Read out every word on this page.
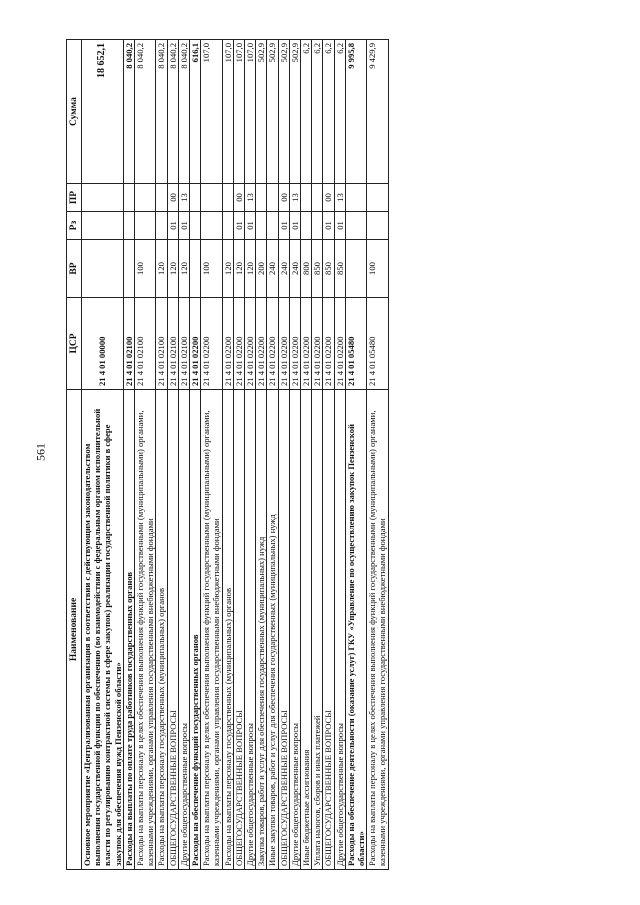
561
Наименование	ЦСР	ВР	Рз	ПР	Сумма
Основное мероприятие «Централизованная организация в соответствии с действующим законодательством выполнения государственной функции по обеспечению (во взаимодействии с федеральным органом исполнительной власти по регулированию контрактной системы в сфере закупок) реализации государственной политики в сфере закупок для обеспечения нужд Пензенской области»	21 4 01 00000				18 652,1
Расходы на выплаты по оплате труда работников государственных органов	21 4 01 02100				8 040,2
Расходы на выплаты персоналу в целях обеспечения выполнения функций государственными (муниципальными) органами, казенными учреждениями, органами управления государственными внебюджетными фондами	21 4 01 02100	100			8 040,2
Расходы на выплаты персоналу государственных (муниципальных) органов	21 4 01 02100	120			8 040,2
ОБЩЕГОСУДАРСТВЕННЫЕ ВОПРОСЫ	21 4 01 02100	120	01	00	8 040,2
Другие общегосударственные вопросы	21 4 01 02100	120	01	13	8 040,2
Расходы на обеспечение функций государственных органов	21 4 01 02200				616,1
Расходы на выплаты персоналу в целях обеспечения выполнения функций государственными (муниципальными) органами, казенными учреждениями, органами управления государственными внебюджетными фондами	21 4 01 02200	100			107,0
Расходы на выплаты персоналу государственных (муниципальных) органов	21 4 01 02200	120			107,0
ОБЩЕГОСУДАРСТВЕННЫЕ ВОПРОСЫ	21 4 01 02200	120	01	00	107,0
Другие общегосударственные вопросы	21 4 01 02200	120	01	13	107,0
Закупка товаров, работ и услуг для обеспечения государственных (муниципальных) нужд	21 4 01 02200	200			502,9
Иные закупки товаров, работ и услуг для обеспечения государственных (муниципальных) нужд	21 4 01 02200	240			502,9
ОБЩЕГОСУДАРСТВЕННЫЕ ВОПРОСЫ	21 4 01 02200	240	01	00	502,9
Другие общегосударственные вопросы	21 4 01 02200	240	01	13	502,9
Иные бюджетные ассигнования	21 4 01 02200	800			6,2
Уплата налогов, сборов и иных платежей	21 4 01 02200	850			6,2
ОБЩЕГОСУДАРСТВЕННЫЕ ВОПРОСЫ	21 4 01 02200	850	01	00	6,2
Другие общегосударственные вопросы	21 4 01 02200	850	01	13	6,2
Расходы на обеспечение деятельности (оказание услуг) ГКУ «Управление по осуществлению закупок Пензенской области»	21 4 01 05480				9 995,8
Расходы на выплаты персоналу в целях обеспечения выполнения функций государственными (муниципальными) органами, казенными учреждениями, органами управления государственными внебюджетными фондами	21 4 01 05480	100			9 429,9
